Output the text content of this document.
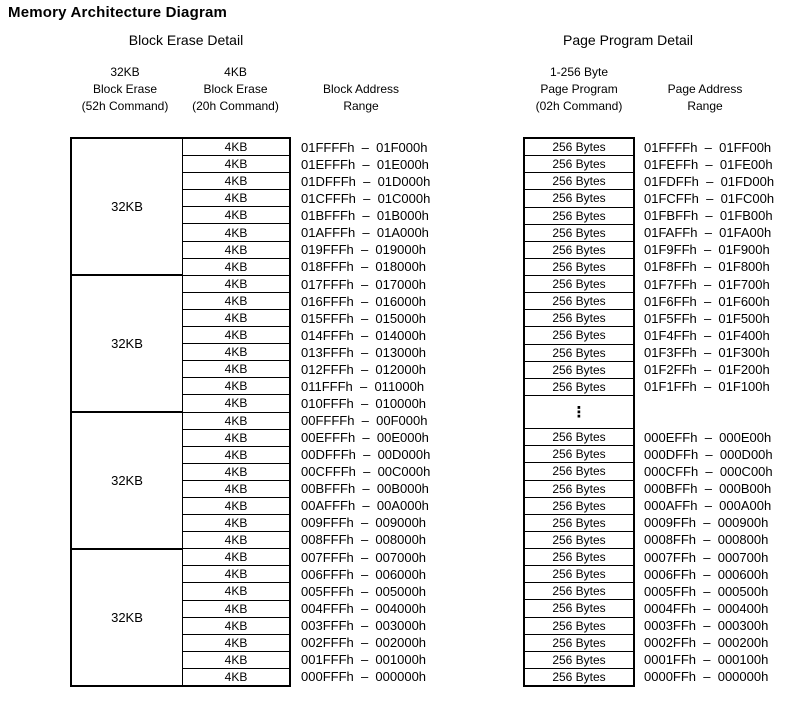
Memory Architecture Diagram
Block Erase Detail	Page Program Detail
32KB
Block Erase
(52h Command)
4KB
Block Erase
(20h Command)
Block Address
Range
1-256 Byte
Page Program
(02h Command)
Page Address
Range
32KB
32KB
32KB
32KB
4KB
4KB
4KB
4KB
4KB
4KB
4KB
4KB
4KB
4KB
4KB
4KB
4KB
4KB
4KB
4KB
4KB
4KB
4KB
4KB
4KB
4KB
4KB
4KB
4KB
4KB
4KB
4KB
4KB
4KB
4KB
4KB
01FFFFh  –  01F000h
01EFFFh  –  01E000h
01DFFFh  –  01D000h
01CFFFh  –  01C000h
01BFFFh  –  01B000h
01AFFFh  –  01A000h
019FFFh  –  019000h
018FFFh  –  018000h
017FFFh  –  017000h
016FFFh  –  016000h
015FFFh  –  015000h
014FFFh  –  014000h
013FFFh  –  013000h
012FFFh  –  012000h
011FFFh  –  011000h
010FFFh  –  010000h
00FFFFh  –  00F000h
00EFFFh  –  00E000h
00DFFFh  –  00D000h
00CFFFh  –  00C000h
00BFFFh  –  00B000h
00AFFFh  –  00A000h
009FFFh  –  009000h
008FFFh  –  008000h
007FFFh  –  007000h
006FFFh  –  006000h
005FFFh  –  005000h
004FFFh  –  004000h
003FFFh  –  003000h
002FFFh  –  002000h
001FFFh  –  001000h
000FFFh  –  000000h
256 Bytes
256 Bytes
256 Bytes
256 Bytes
256 Bytes
256 Bytes
256 Bytes
256 Bytes
256 Bytes
256 Bytes
256 Bytes
256 Bytes
256 Bytes
256 Bytes
256 Bytes
⋮
256 Bytes
256 Bytes
256 Bytes
256 Bytes
256 Bytes
256 Bytes
256 Bytes
256 Bytes
256 Bytes
256 Bytes
256 Bytes
256 Bytes
256 Bytes
256 Bytes
256 Bytes
01FFFFh  –  01FF00h
01FEFFh  –  01FE00h
01FDFFh  –  01FD00h
01FCFFh  –  01FC00h
01FBFFh  –  01FB00h
01FAFFh  –  01FA00h
01F9FFh  –  01F900h
01F8FFh  –  01F800h
01F7FFh  –  01F700h
01F6FFh  –  01F600h
01F5FFh  –  01F500h
01F4FFh  –  01F400h
01F3FFh  –  01F300h
01F2FFh  –  01F200h
01F1FFh  –  01F100h
000EFFh  –  000E00h
000DFFh  –  000D00h
000CFFh  –  000C00h
000BFFh  –  000B00h
000AFFh  –  000A00h
0009FFh  –  000900h
0008FFh  –  000800h
0007FFh  –  000700h
0006FFh  –  000600h
0005FFh  –  000500h
0004FFh  –  000400h
0003FFh  –  000300h
0002FFh  –  000200h
0001FFh  –  000100h
0000FFh  –  000000h
